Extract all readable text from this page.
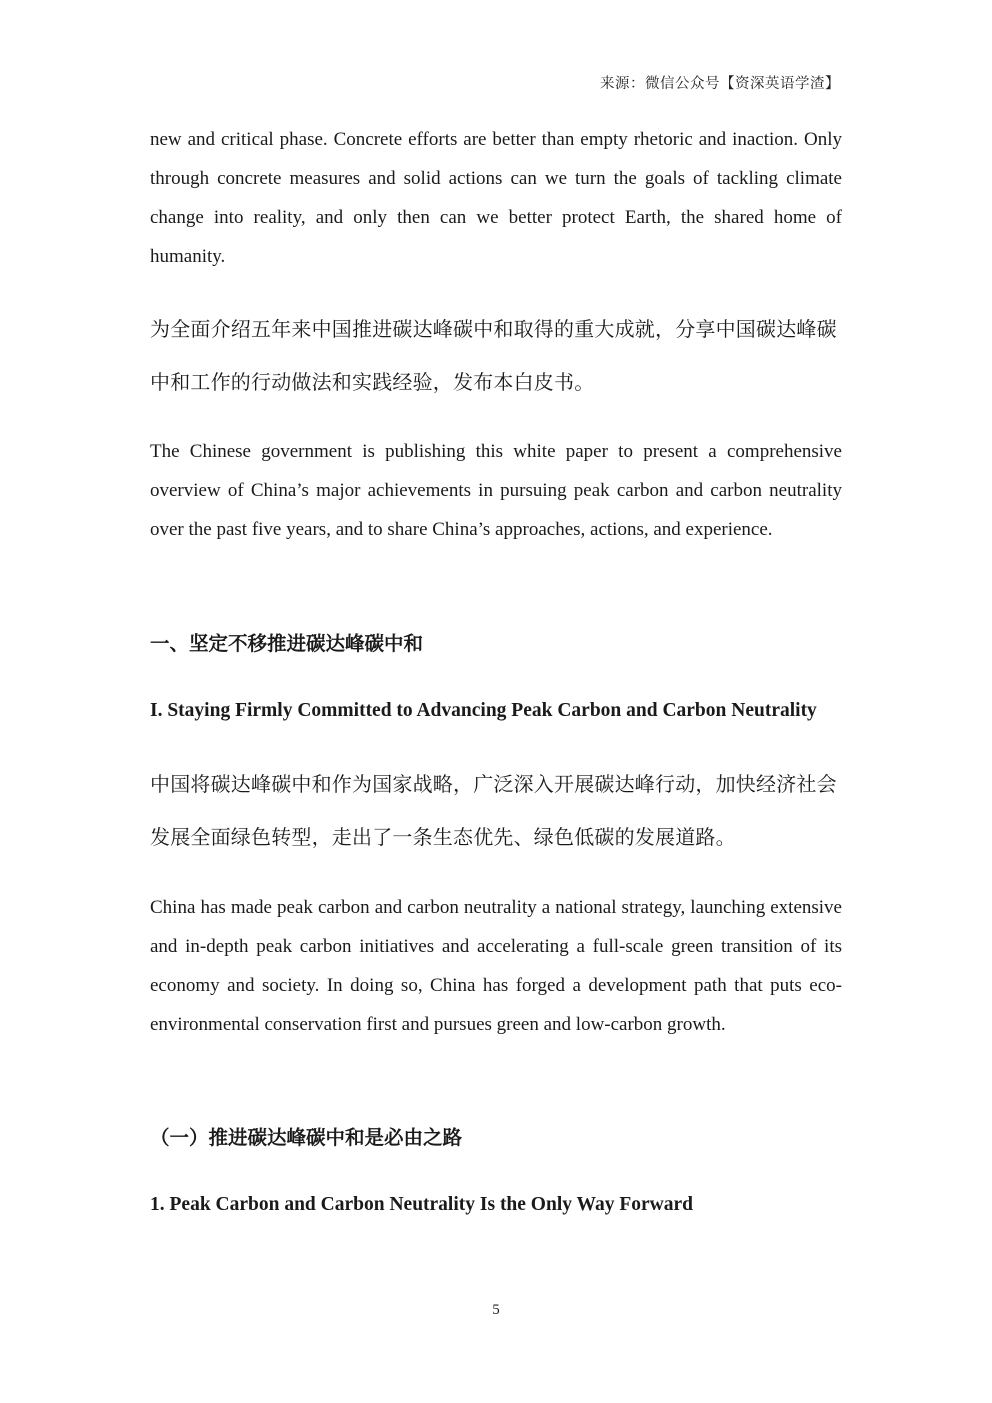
来源：微信公众号【资深英语学渣】

new and critical phase. Concrete efforts are better than empty rhetoric and inaction. Only through concrete measures and solid actions can we turn the goals of tackling climate change into reality, and only then can we better protect Earth, the shared home of humanity.

为全面介绍五年来中国推进碳达峰碳中和取得的重大成就，分享中国碳达峰碳中和工作的行动做法和实践经验，发布本白皮书。

The Chinese government is publishing this white paper to present a comprehensive overview of China’s major achievements in pursuing peak carbon and carbon neutrality over the past five years, and to share China’s approaches, actions, and experience.

一、坚定不移推进碳达峰碳中和
I. Staying Firmly Committed to Advancing Peak Carbon and Carbon Neutrality

中国将碳达峰碳中和作为国家战略，广泛深入开展碳达峰行动，加快经济社会发展全面绿色转型，走出了一条生态优先、绿色低碳的发展道路。

China has made peak carbon and carbon neutrality a national strategy, launching extensive and in-depth peak carbon initiatives and accelerating a full-scale green transition of its economy and society. In doing so, China has forged a development path that puts eco-environmental conservation first and pursues green and low-carbon growth.

（一）推进碳达峰碳中和是必由之路
1. Peak Carbon and Carbon Neutrality Is the Only Way Forward
5
